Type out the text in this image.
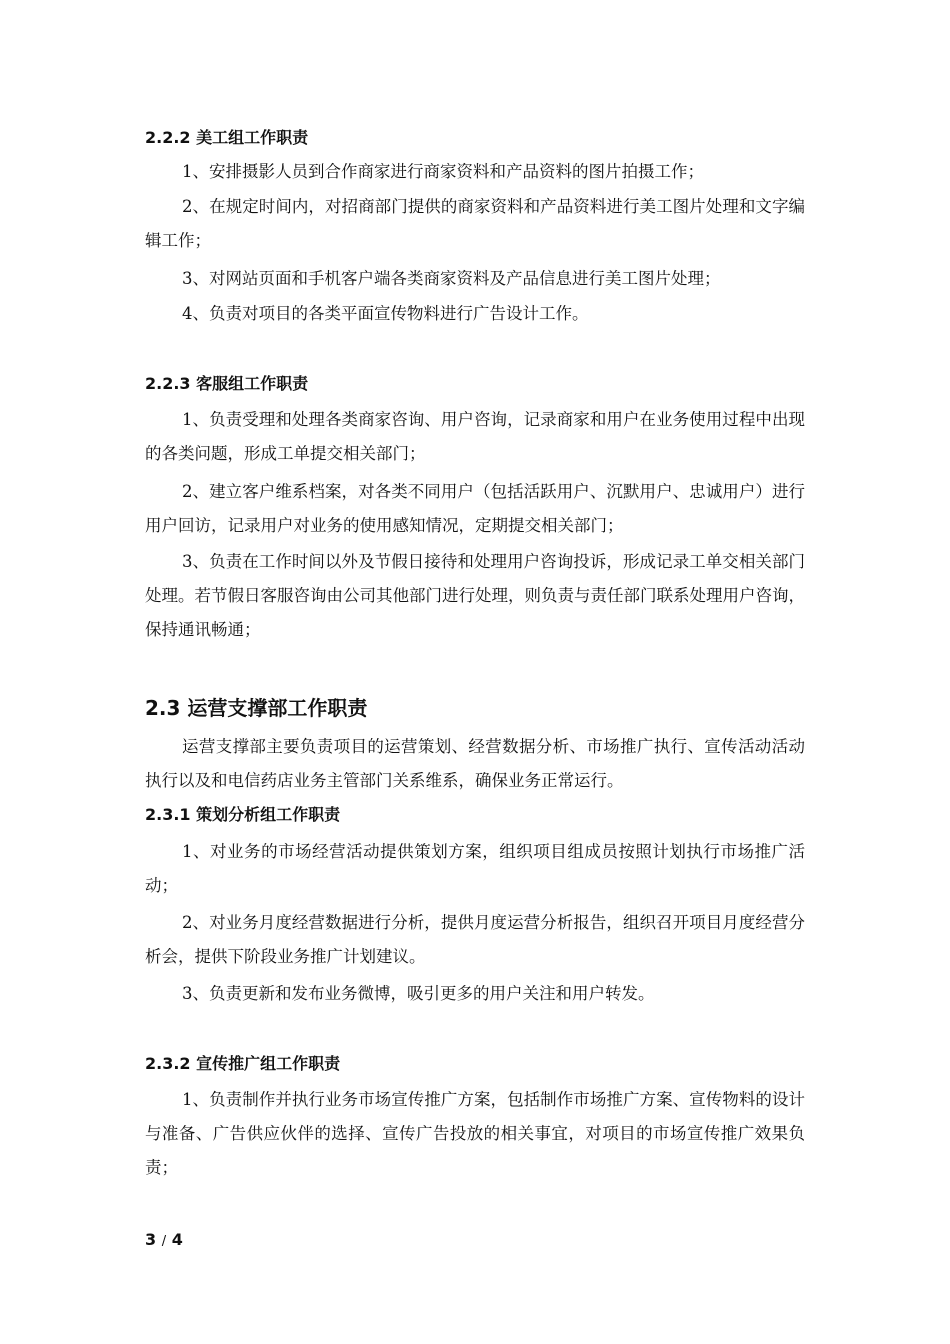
2.2.2 美工组工作职责
1、安排摄影人员到合作商家进行商家资料和产品资料的图片拍摄工作；
2、在规定时间内，对招商部门提供的商家资料和产品资料进行美工图片处理和文字编辑工作；
3、对网站页面和手机客户端各类商家资料及产品信息进行美工图片处理；
4、负责对项目的各类平面宣传物料进行广告设计工作。
2.2.3 客服组工作职责
1、负责受理和处理各类商家咨询、用户咨询，记录商家和用户在业务使用过程中出现的各类问题，形成工单提交相关部门；
2、建立客户维系档案，对各类不同用户（包括活跃用户、沉默用户、忠诚用户）进行用户回访，记录用户对业务的使用感知情况，定期提交相关部门；
3、负责在工作时间以外及节假日接待和处理用户咨询投诉，形成记录工单交相关部门处理。若节假日客服咨询由公司其他部门进行处理，则负责与责任部门联系处理用户咨询，保持通讯畅通；
2.3 运营支撑部工作职责
运营支撑部主要负责项目的运营策划、经营数据分析、市场推广执行、宣传活动活动执行以及和电信药店业务主管部门关系维系，确保业务正常运行。
2.3.1 策划分析组工作职责
1、对业务的市场经营活动提供策划方案，组织项目组成员按照计划执行市场推广活动；
2、对业务月度经营数据进行分析，提供月度运营分析报告，组织召开项目月度经营分析会，提供下阶段业务推广计划建议。
3、负责更新和发布业务微博，吸引更多的用户关注和用户转发。
2.3.2 宣传推广组工作职责
1、负责制作并执行业务市场宣传推广方案，包括制作市场推广方案、宣传物料的设计与准备、广告供应伙伴的选择、宣传广告投放的相关事宜，对项目的市场宣传推广效果负责；
3 / 4
